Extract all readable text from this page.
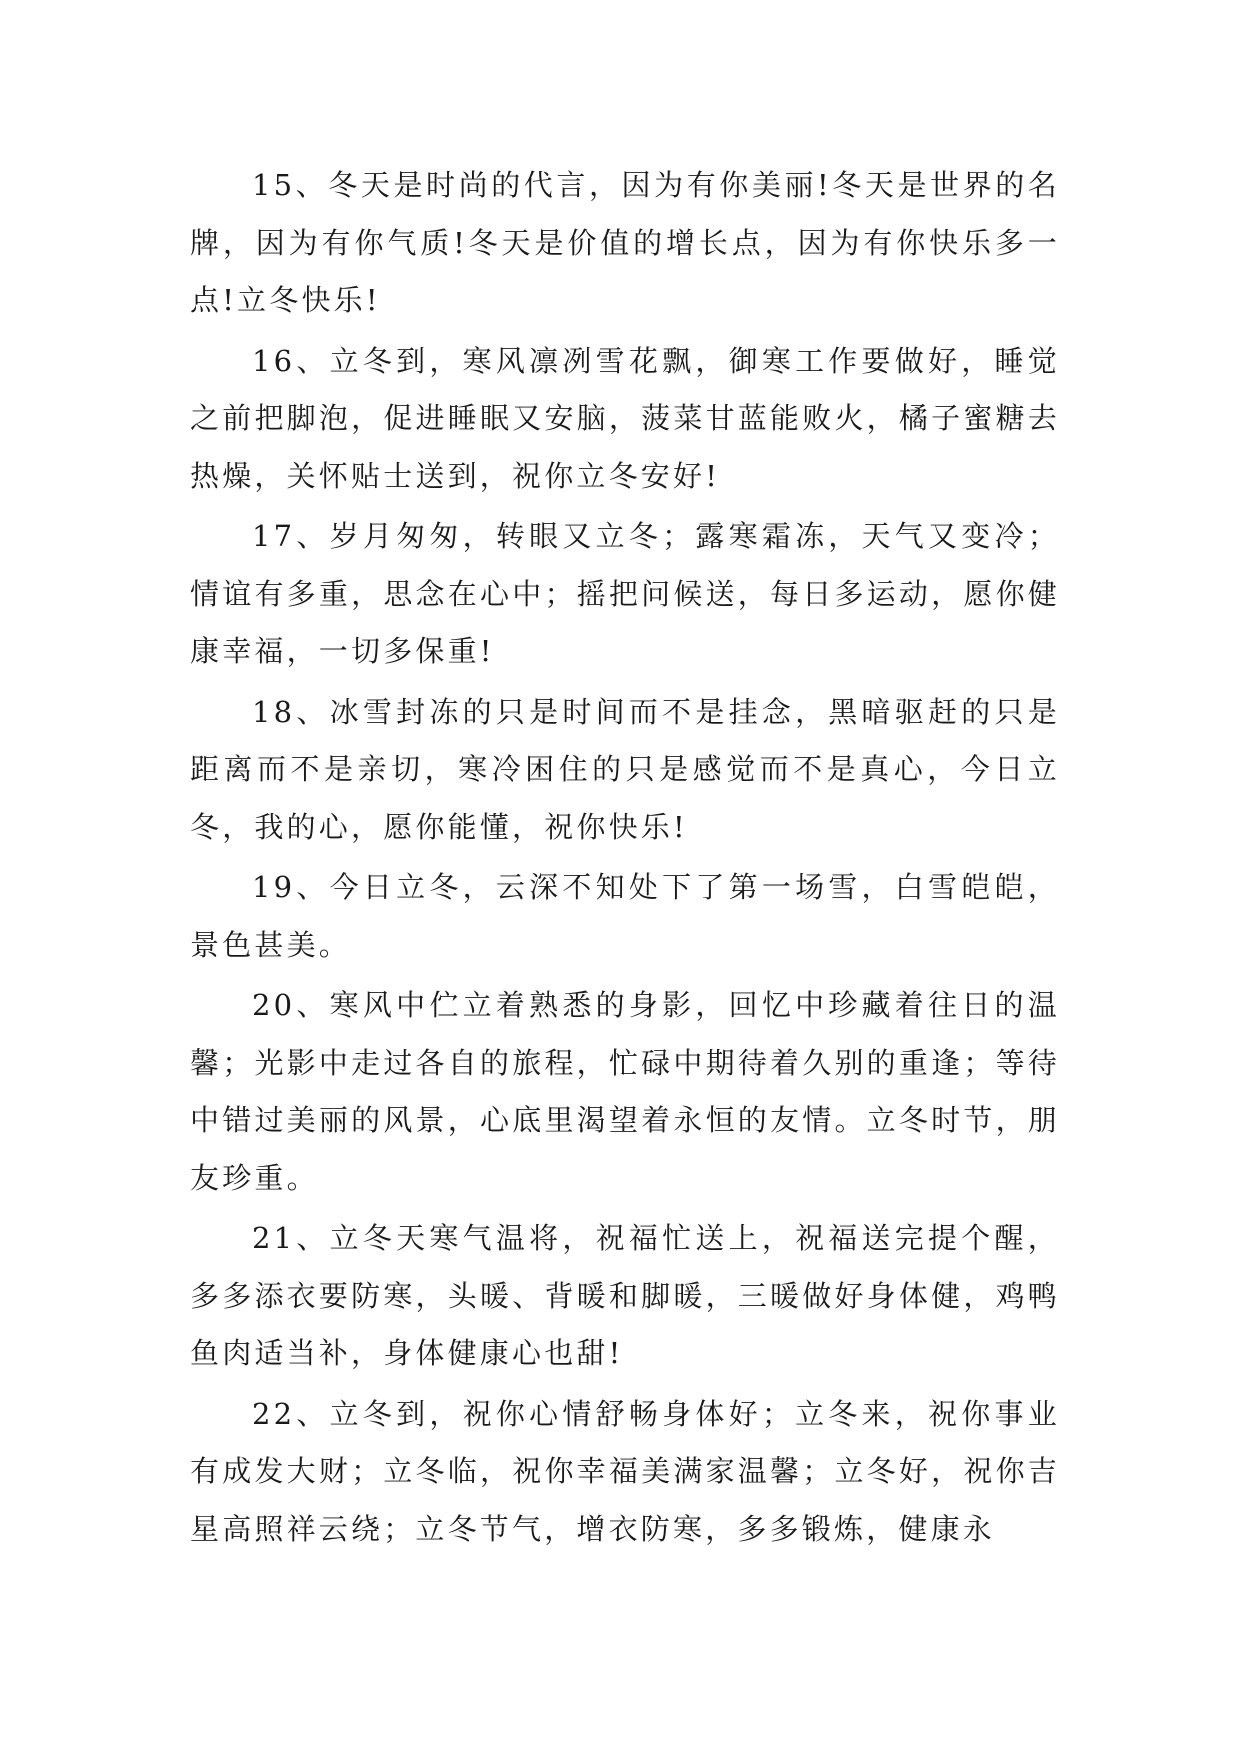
15、冬天是时尚的代言，因为有你美丽!冬天是世界的名牌，因为有你气质!冬天是价值的增长点，因为有你快乐多一点!立冬快乐!

16、立冬到，寒风凛冽雪花飘，御寒工作要做好，睡觉之前把脚泡，促进睡眠又安脑，菠菜甘蓝能败火，橘子蜜糖去热燥，关怀贴士送到，祝你立冬安好!

17、岁月匆匆，转眼又立冬；露寒霜冻，天气又变冷；情谊有多重，思念在心中；摇把问候送，每日多运动，愿你健康幸福，一切多保重!

18、冰雪封冻的只是时间而不是挂念，黑暗驱赶的只是距离而不是亲切，寒冷困住的只是感觉而不是真心，今日立冬，我的心，愿你能懂，祝你快乐!

19、今日立冬，云深不知处下了第一场雪，白雪皑皑，景色甚美。

20、寒风中伫立着熟悉的身影，回忆中珍藏着往日的温馨；光影中走过各自的旅程，忙碌中期待着久别的重逢；等待中错过美丽的风景，心底里渴望着永恒的友情。立冬时节，朋友珍重。

21、立冬天寒气温将，祝福忙送上，祝福送完提个醒，多多添衣要防寒，头暖、背暖和脚暖，三暖做好身体健，鸡鸭鱼肉适当补，身体健康心也甜!

22、立冬到，祝你心情舒畅身体好；立冬来，祝你事业有成发大财；立冬临，祝你幸福美满家温馨；立冬好，祝你吉星高照祥云绕；立冬节气，增衣防寒，多多锻炼，健康永
